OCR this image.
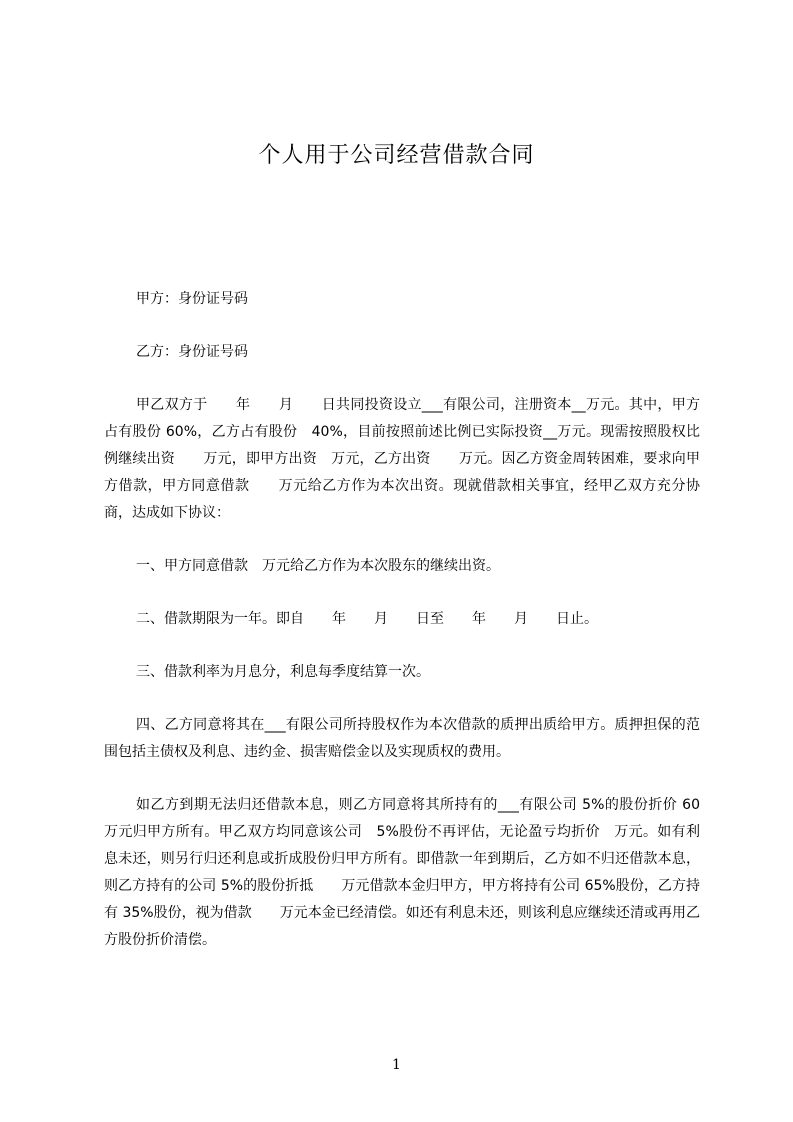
个人用于公司经营借款合同

甲方：身份证号码

乙方：身份证号码

甲乙双方于　　年　　月　　日共同投资设立___有限公司，注册资本__万元。其中，甲方占有股份 60%，乙方占有股份　40%，目前按照前述比例已实际投资__万元。现需按照股权比例继续出资　　万元，即甲方出资　万元，乙方出资　　万元。因乙方资金周转困难，要求向甲方借款，甲方同意借款　　万元给乙方作为本次出资。现就借款相关事宜，经甲乙双方充分协商，达成如下协议：

一、甲方同意借款　万元给乙方作为本次股东的继续出资。

二、借款期限为一年。即自　　年　　月　　日至　　年　　月　　日止。

三、借款利率为月息分，利息每季度结算一次。

四、乙方同意将其在___有限公司所持股权作为本次借款的质押出质给甲方。质押担保的范围包括主债权及利息、违约金、损害赔偿金以及实现质权的费用。

如乙方到期无法归还借款本息，则乙方同意将其所持有的___有限公司 5%的股份折价 60 万元归甲方所有。甲乙双方均同意该公司　5%股份不再评估，无论盈亏均折价　万元。如有利息未还，则另行归还利息或折成股份归甲方所有。即借款一年到期后，乙方如不归还借款本息，则乙方持有的公司 5%的股份折抵　　万元借款本金归甲方，甲方将持有公司 65%股份，乙方持有 35%股份，视为借款　　万元本金已经清偿。如还有利息未还，则该利息应继续还清或再用乙方股份折价清偿。

1
